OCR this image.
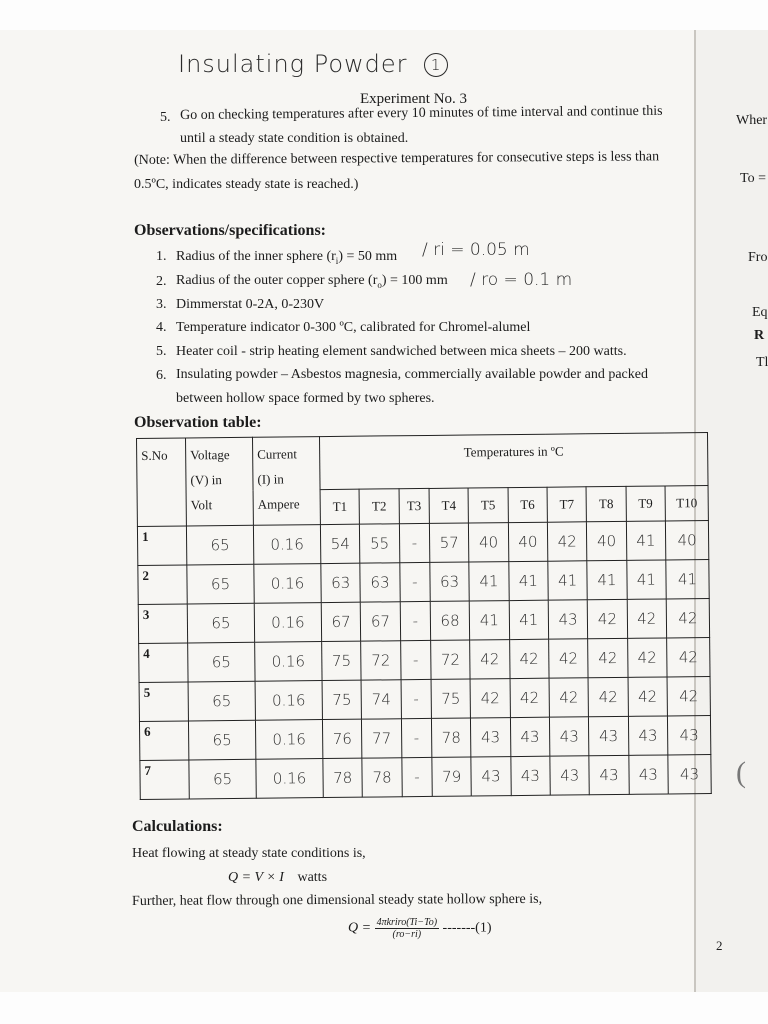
Wher
To =
Fro
Eq
R
Tl
Insulating Powder 1
Experiment No. 3
5. Go on checking temperatures after every 10 minutes of time interval and continue this
until a steady state condition is obtained.
(Note: When the difference between respective temperatures for consecutive steps is less than
0.5ºC, indicates steady state is reached.)
Observations/specifications:
1. Radius of the inner sphere $(r_i) = 50$ mm / ri = 0.05 m
2. Radius of the outer copper sphere $(r_o) = 100$ mm / ro = 0.1 m
3. Dimmerstat 0-2A, 0-230V
4. Temperature indicator 0-300 ºC, calibrated for Chromel-alumel
5. Heater coil - strip heating element sandwiched between mica sheets – 200 watts.
6. Insulating powder – Asbestos magnesia, commercially available powder and packed
between hollow space formed by two spheres.
Observation table:
S.No	Voltage
(V) in
Volt	Current
(I) in
Ampere	Temperatures in ºC									
			T1	T2	T3	T4	T5	T6	T7	T8	T9	T10
1	65	0.16	54	55	-	57	40	40	42	40	41	40
2	65	0.16	63	63	-	63	41	41	41	41	41	41
3	65	0.16	67	67	-	68	41	41	43	42	42	42
4	65	0.16	75	72	-	72	42	42	42	42	42	42
5	65	0.16	75	74	-	75	42	42	42	42	42	42
6	65	0.16	76	77	-	78	43	43	43	43	43	43
7	65	0.16	78	78	-	79	43	43	43	43	43	43
Calculations:
Heat flowing at steady state conditions is,
Q = V × I watts
Further, heat flow through one dimensional steady state hollow sphere is,
$Q = \frac{\text{4πkriro(Ti−To)}}{(ro-ri)} -------(1)$
2
(
